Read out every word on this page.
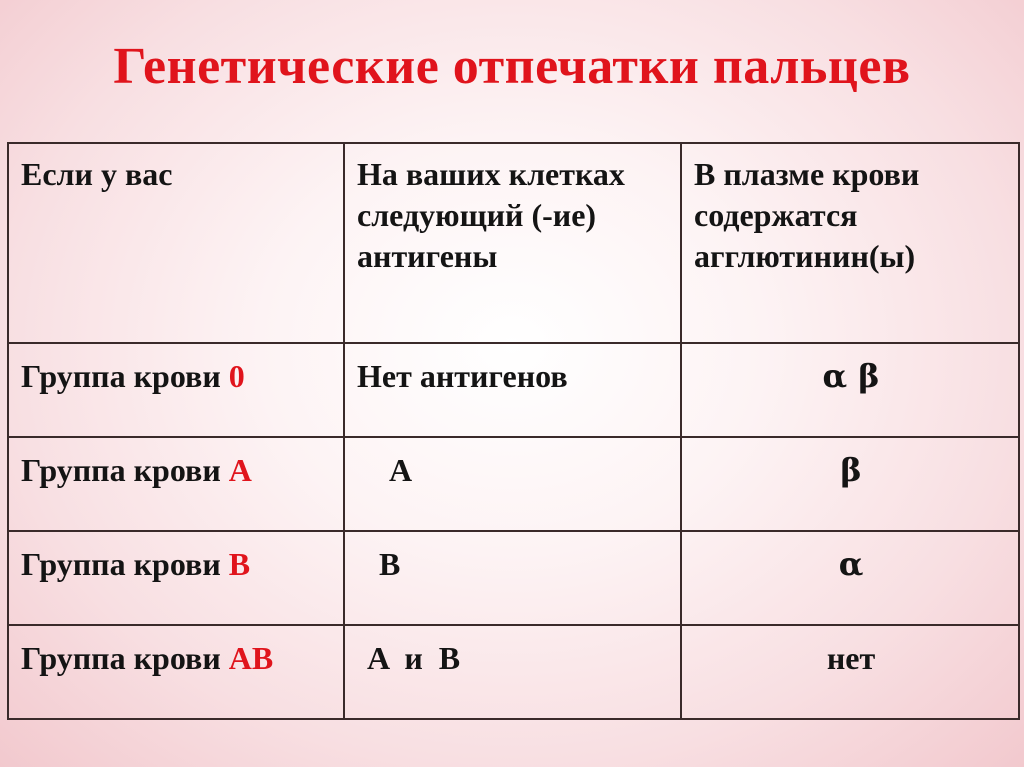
Генетические отпечатки пальцев
Если у вас	На ваших клетках следующий (-ие) антигены	В плазме крови содержатся агглютинин(ы)
Группа крови 0	Нет антигенов	α β
Группа крови A	A	β
Группа крови B	B	α
Группа крови AB	A  и  B	нет
